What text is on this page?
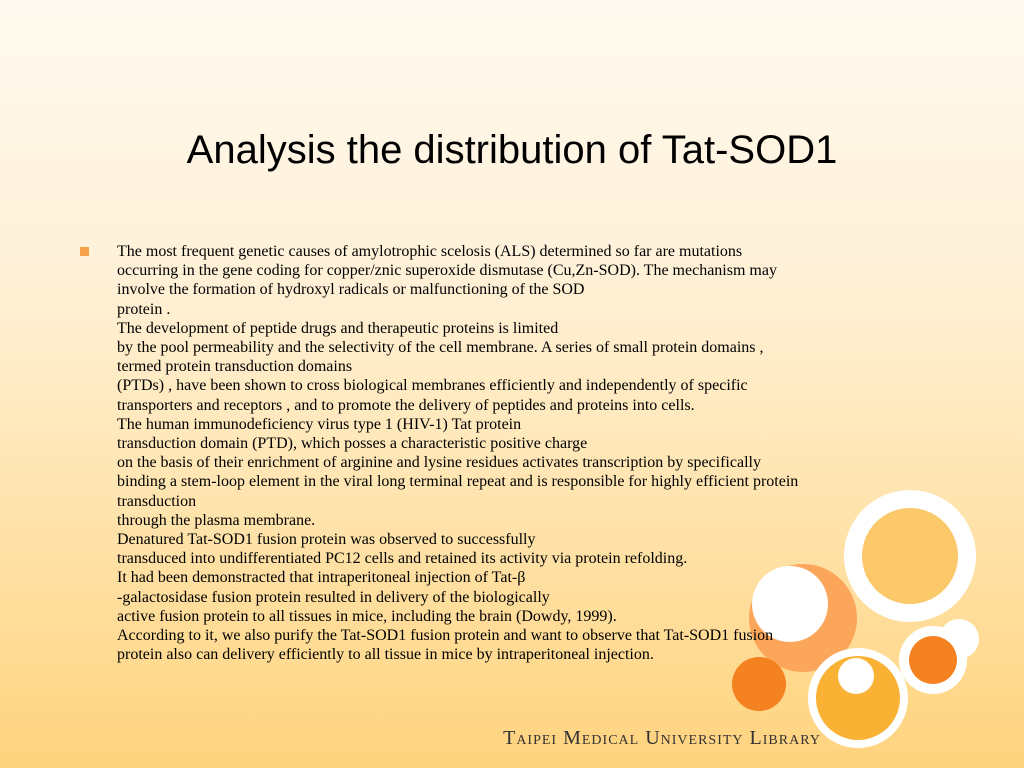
Analysis the distribution of Tat-SOD1
The most frequent genetic causes of amylotrophic scelosis (ALS) determined so far are mutations
occurring in the gene coding for copper/znic superoxide dismutase (Cu,Zn-SOD). The mechanism may
involve the formation of hydroxyl radicals or malfunctioning of the SOD
protein .
The development of peptide drugs and therapeutic proteins is limited
by the pool permeability and the selectivity of the cell membrane. A series of small protein domains ,
termed protein transduction domains
(PTDs) , have been shown to cross biological membranes efficiently and independently of specific
transporters and receptors , and to promote the delivery of peptides and proteins into cells.
The human immunodeficiency virus type 1 (HIV-1) Tat protein
transduction domain (PTD), which posses a characteristic positive charge
on the basis of their enrichment of arginine and lysine residues activates transcription by specifically
binding a stem-loop element in the viral long terminal repeat and is responsible for highly efficient protein
transduction
through the plasma membrane.
Denatured Tat-SOD1 fusion protein was observed to successfully
transduced into undifferentiated PC12 cells and retained its activity via protein refolding.
It had been demonstracted that intraperitoneal injection of Tat-β
-galactosidase fusion protein resulted in delivery of the biologically
active fusion protein to all tissues in mice, including the brain (Dowdy, 1999).
According to it, we also purify the Tat-SOD1 fusion protein and want to observe that Tat-SOD1 fusion
protein also can delivery efficiently to all tissue in mice by intraperitoneal injection.
Taipei Medical University Library
